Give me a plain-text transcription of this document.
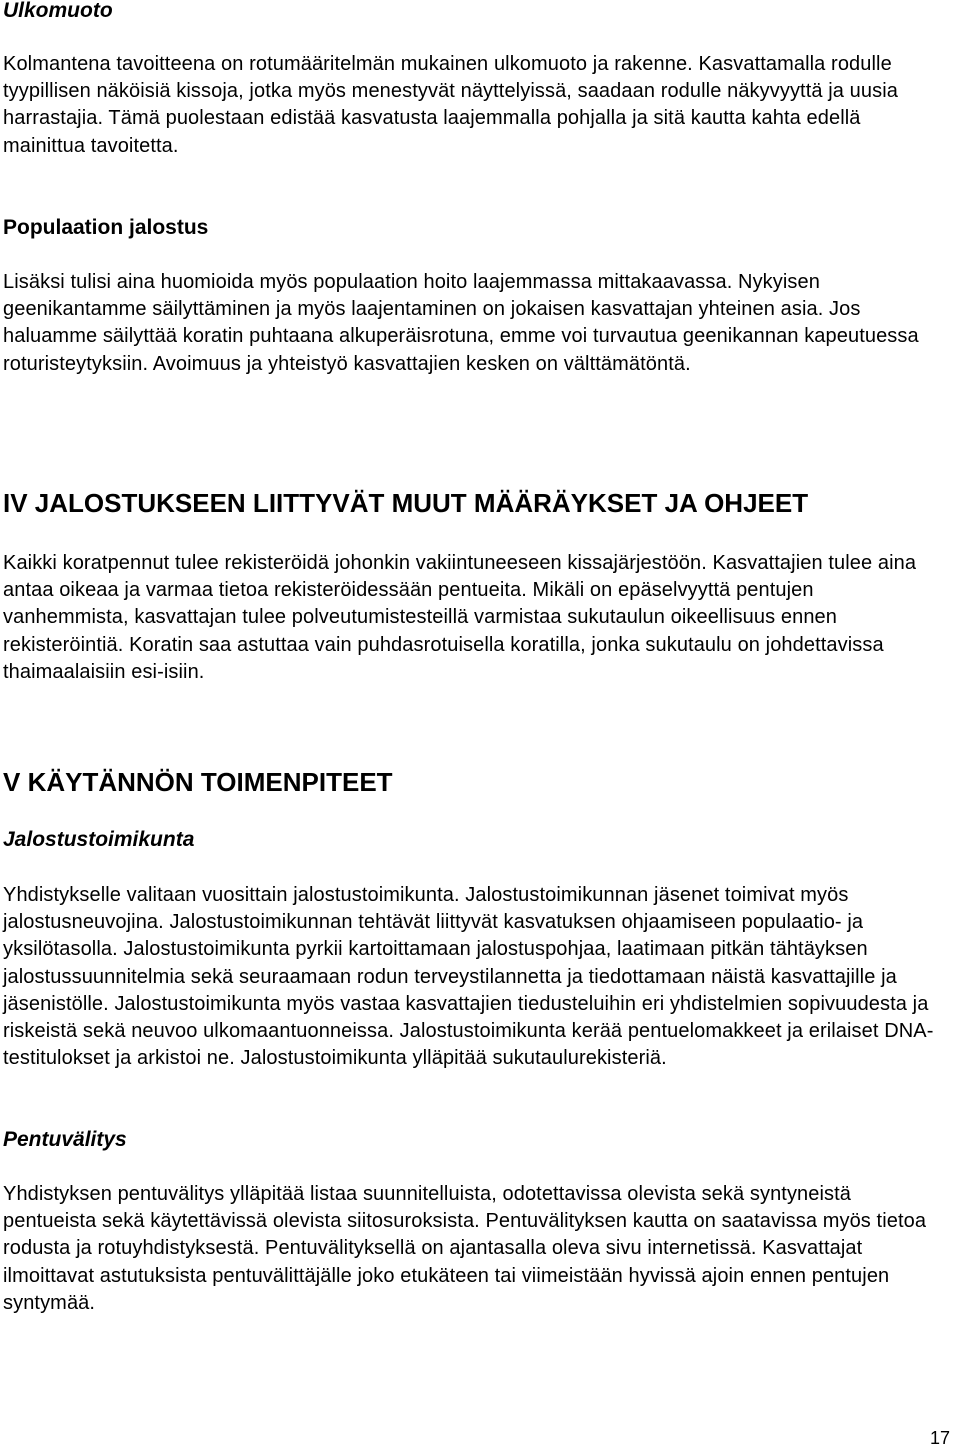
Ulkomuoto

Kolmantena tavoitteena on rotumääritelmän mukainen ulkomuoto ja rakenne. Kasvattamalla rodulle tyypillisen näköisiä kissoja, jotka myös menestyvät näyttelyissä, saadaan rodulle näkyvyyttä ja uusia harrastajia. Tämä puolestaan edistää kasvatusta laajemmalla pohjalla ja sitä kautta kahta edellä mainittua tavoitetta.

Populaation jalostus

Lisäksi tulisi aina huomioida myös populaation hoito laajemmassa mittakaavassa. Nykyisen geenikantamme säilyttäminen ja myös laajentaminen on jokaisen kasvattajan yhteinen asia. Jos haluamme säilyttää koratin puhtaana alkuperäisrotuna, emme voi turvautua geenikannan kapeutuessa roturisteytyksiin. Avoimuus ja yhteistyö kasvattajien kesken on välttämätöntä.

IV JALOSTUKSEEN LIITTYVÄT MUUT MÄÄRÄYKSET JA OHJEET

Kaikki koratpennut tulee rekisteröidä johonkin vakiintuneeseen kissajärjestöön. Kasvattajien tulee aina antaa oikeaa ja varmaa tietoa rekisteröidessään pentueita. Mikäli on epäselvyyttä pentujen vanhemmista, kasvattajan tulee polveutumistesteillä varmistaa sukutaulun oikeellisuus ennen rekisteröintiä. Koratin saa astuttaa vain puhdasrotuisella koratilla, jonka sukutaulu on johdettavissa thaimaalaisiin esi-isiin.

V KÄYTÄNNÖN TOIMENPITEET
Jalostustoimikunta

Yhdistykselle valitaan vuosittain jalostustoimikunta. Jalostustoimikunnan jäsenet toimivat myös jalostusneuvojina. Jalostustoimikunnan tehtävät liittyvät kasvatuksen ohjaamiseen populaatio- ja yksilötasolla. Jalostustoimikunta pyrkii kartoittamaan jalostuspohjaa, laatimaan pitkän tähtäyksen jalostussuunnitelmia sekä seuraamaan rodun terveystilannetta ja tiedottamaan näistä kasvattajille ja jäsenistölle. Jalostustoimikunta myös vastaa kasvattajien tiedusteluihin eri yhdistelmien sopivuudesta ja riskeistä sekä neuvoo ulkomaantuonneissa. Jalostustoimikunta kerää pentuelomakkeet ja erilaiset DNA-testitulokset ja arkistoi ne. Jalostustoimikunta ylläpitää sukutaulurekisteriä.

Pentuvälitys

Yhdistyksen pentuvälitys ylläpitää listaa suunnitelluista, odotettavissa olevista sekä syntyneistä pentueista sekä käytettävissä olevista siitosuroksista. Pentuvälityksen kautta on saatavissa myös tietoa rodusta ja rotuyhdistyksestä. Pentuvälityksellä on ajantasalla oleva sivu internetissä. Kasvattajat ilmoittavat astutuksista pentuvälittäjälle joko etukäteen tai viimeistään hyvissä ajoin ennen pentujen syntymää.

17
